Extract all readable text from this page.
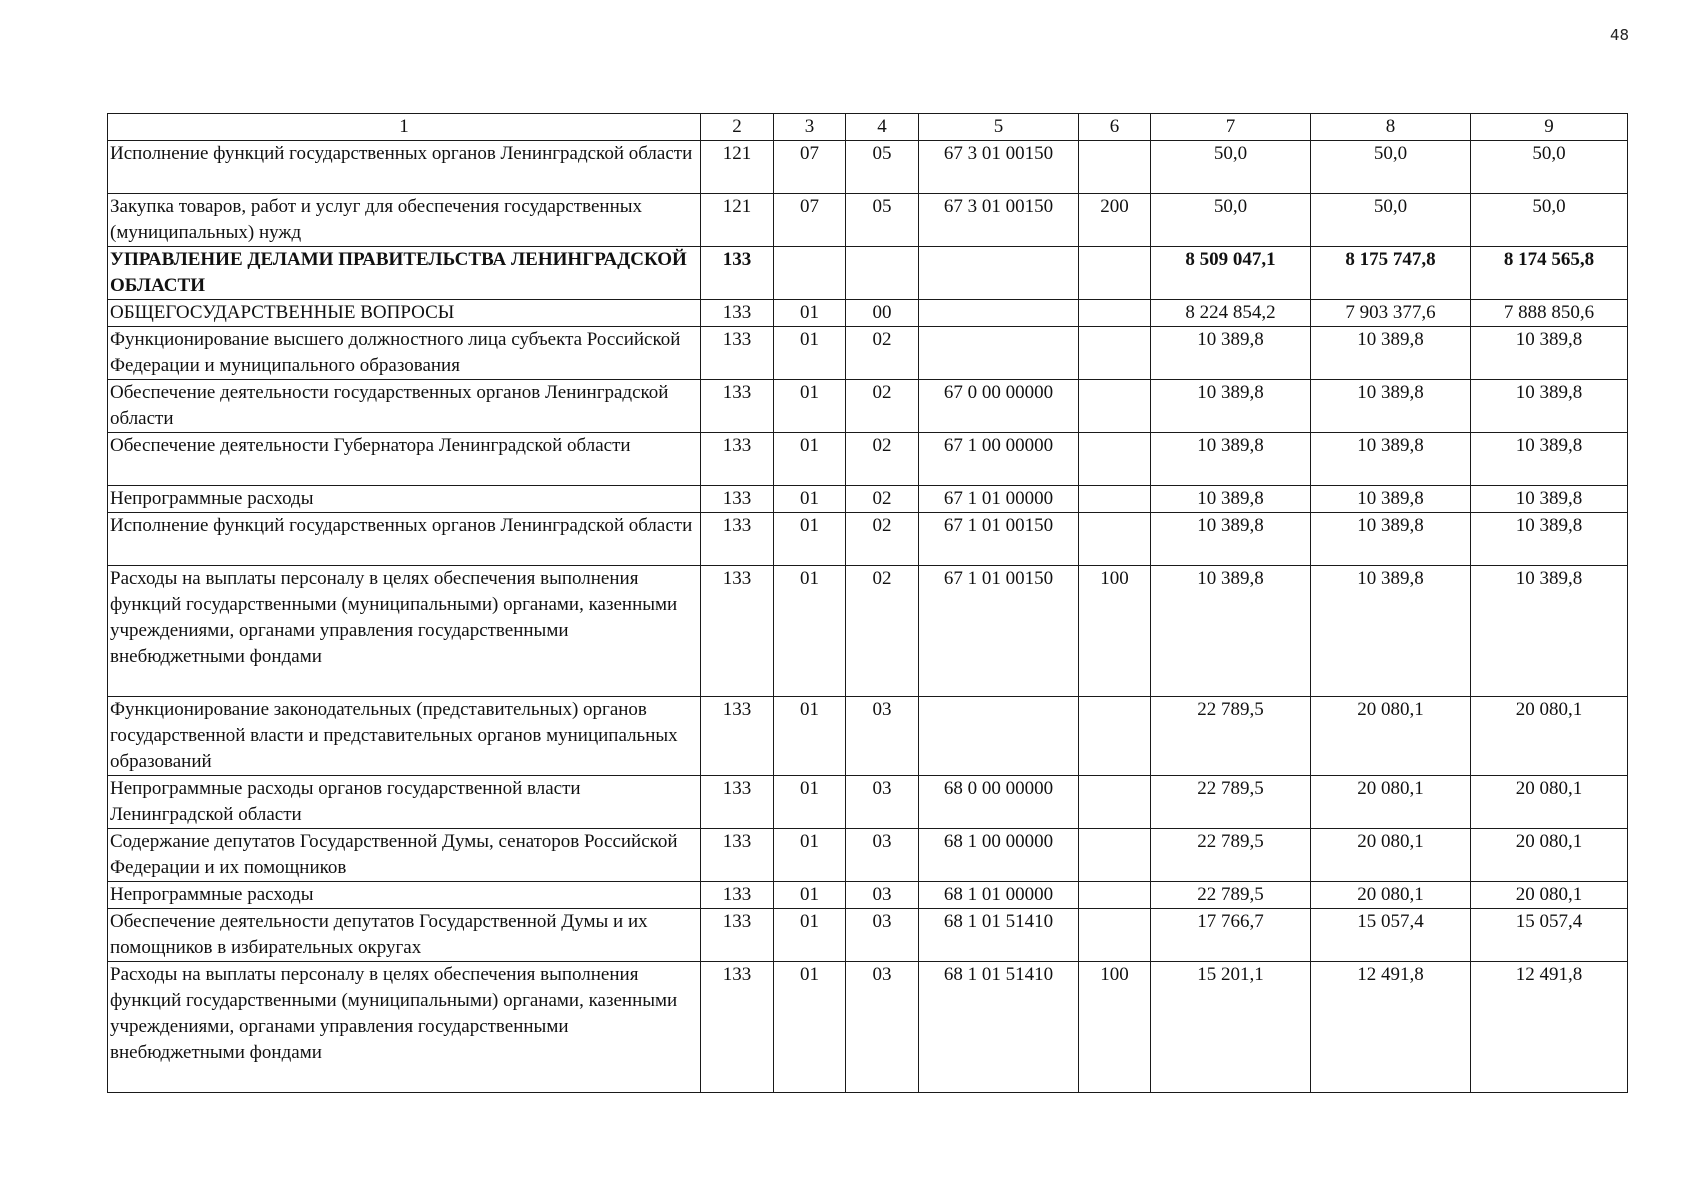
48
1	2	3	4	5	6	7	8	9
Исполнение функций государственных органов Ленинградской области	121	07	05	67 3 01 00150		50,0	50,0	50,0
Закупка товаров, работ и услуг для обеспечения государственных (муниципальных) нужд	121	07	05	67 3 01 00150	200	50,0	50,0	50,0
УПРАВЛЕНИЕ ДЕЛАМИ ПРАВИТЕЛЬСТВА ЛЕНИНГРАДСКОЙ ОБЛАСТИ	133					8 509 047,1	8 175 747,8	8 174 565,8
ОБЩЕГОСУДАРСТВЕННЫЕ ВОПРОСЫ	133	01	00			8 224 854,2	7 903 377,6	7 888 850,6
Функционирование высшего должностного лица субъекта Российской Федерации и муниципального образования	133	01	02			10 389,8	10 389,8	10 389,8
Обеспечение деятельности государственных органов Ленинградской области	133	01	02	67 0 00 00000		10 389,8	10 389,8	10 389,8
Обеспечение деятельности Губернатора Ленинградской области	133	01	02	67 1 00 00000		10 389,8	10 389,8	10 389,8
Непрограммные расходы	133	01	02	67 1 01 00000		10 389,8	10 389,8	10 389,8
Исполнение функций государственных органов Ленинградской области	133	01	02	67 1 01 00150		10 389,8	10 389,8	10 389,8
Расходы на выплаты персоналу в целях обеспечения выполнения функций государственными (муниципальными) органами, казенными учреждениями, органами управления государственными внебюджетными фондами	133	01	02	67 1 01 00150	100	10 389,8	10 389,8	10 389,8
Функционирование законодательных (представительных) органов государственной власти и представительных органов муниципальных образований	133	01	03			22 789,5	20 080,1	20 080,1
Непрограммные расходы органов государственной власти Ленинградской области	133	01	03	68 0 00 00000		22 789,5	20 080,1	20 080,1
Содержание депутатов Государственной Думы, сенаторов Российской Федерации и их помощников	133	01	03	68 1 00 00000		22 789,5	20 080,1	20 080,1
Непрограммные расходы	133	01	03	68 1 01 00000		22 789,5	20 080,1	20 080,1
Обеспечение деятельности депутатов Государственной Думы и их помощников в избирательных округах	133	01	03	68 1 01 51410		17 766,7	15 057,4	15 057,4
Расходы на выплаты персоналу в целях обеспечения выполнения функций государственными (муниципальными) органами, казенными учреждениями, органами управления государственными внебюджетными фондами	133	01	03	68 1 01 51410	100	15 201,1	12 491,8	12 491,8
